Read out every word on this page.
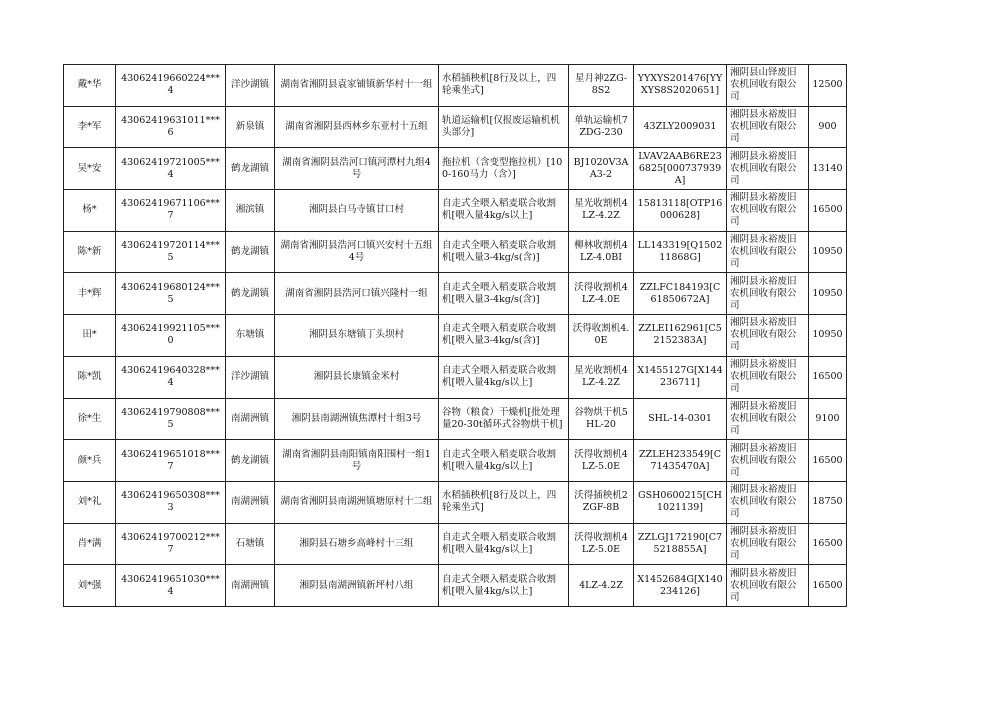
戴*华	43062419660224***4	洋沙湖镇	湖南省湘阴县袁家铺镇新华村十一组	水稻插秧机[8行及以上，四轮乘坐式]	星月神2ZG-8S2	YYXYS201476[YYXYS8S2020651]	湘阴县山铎废旧农机回收有限公司	12500
李*军	43062419631011***6	新泉镇	湖南省湘阴县西林乡东亚村十五组	轨道运输机[仅报废运输机机头部分]	单轨运输机7ZDG-230	43ZLY2009031	湘阴县永裕废旧农机回收有限公司	900
吴*安	43062419721005***4	鹤龙湖镇	湖南省湘阴县浩河口镇河潭村九组4号	拖拉机（含变型拖拉机）[100-160马力（含）]	BJ1020V3AA3-2	LVAV2AAB6RE236825[000737939A]	湘阴县永裕废旧农机回收有限公司	13140
杨*	43062419671106***7	湘滨镇	湘阴县白马寺镇甘口村	自走式全喂入稻麦联合收割机[喂入量4kg/s以上]	星光收割机4LZ-4.2Z	15813118[OTP16000628]	湘阴县永裕废旧农机回收有限公司	16500
陈*新	43062419720114***5	鹤龙湖镇	湖南省湘阴县浩河口镇兴安村十五组4号	自走式全喂入稻麦联合收割机[喂入量3-4kg/s(含)]	柳林收割机4LZ-4.0BI	LL143319[Q150211868G]	湘阴县永裕废旧农机回收有限公司	10950
丰*辉	43062419680124***5	鹤龙湖镇	湖南省湘阴县浩河口镇兴隆村一组	自走式全喂入稻麦联合收割机[喂入量3-4kg/s(含)]	沃得收割机4LZ-4.0E	ZZLFC184193[C61850672A]	湘阴县永裕废旧农机回收有限公司	10950
田*	43062419921105***0	东塘镇	湘阴县东塘镇丁头坝村	自走式全喂入稻麦联合收割机[喂入量3-4kg/s(含)]	沃得收割机4.0E	ZZLEI162961[C52152383A]	湘阴县永裕废旧农机回收有限公司	10950
陈*凯	43062419640328***4	洋沙湖镇	湘阴县长康镇金米村	自走式全喂入稻麦联合收割机[喂入量4kg/s以上]	星光收割机4LZ-4.2Z	X1455127G[X144236711]	湘阴县永裕废旧农机回收有限公司	16500
徐*生	43062419790808***5	南湖洲镇	湘阴县南湖洲镇焦潭村十组3号	谷物（粮食）干燥机[批处理量20-30t循环式谷物烘干机]	谷物烘干机5HL-20	SHL-14-0301	湘阴县永裕废旧农机回收有限公司	9100
颜*兵	43062419651018***7	鹤龙湖镇	湖南省湘阴县南阳镇南阳围村一组1号	自走式全喂入稻麦联合收割机[喂入量4kg/s以上]	沃得收割机4LZ-5.0E	ZZLEH233549[C71435470A]	湘阴县永裕废旧农机回收有限公司	16500
刘*礼	43062419650308***3	南湖洲镇	湖南省湘阴县南湖洲镇塘原村十二组	水稻插秧机[8行及以上，四轮乘坐式]	沃得插秧机2ZGF-8B	GSH0600215[CH1021139]	湘阴县永裕废旧农机回收有限公司	18750
肖*满	43062419700212***7	石塘镇	湘阴县石塘乡高峰村十三组	自走式全喂入稻麦联合收割机[喂入量4kg/s以上]	沃得收割机4LZ-5.0E	ZZLGJ172190[C75218855A]	湘阴县永裕废旧农机回收有限公司	16500
刘*强	43062419651030***4	南湖洲镇	湘阴县南湖洲镇新坪村八组	自走式全喂入稻麦联合收割机[喂入量4kg/s以上]	4LZ-4.2Z	X1452684G[X140234126]	湘阴县永裕废旧农机回收有限公司	16500
